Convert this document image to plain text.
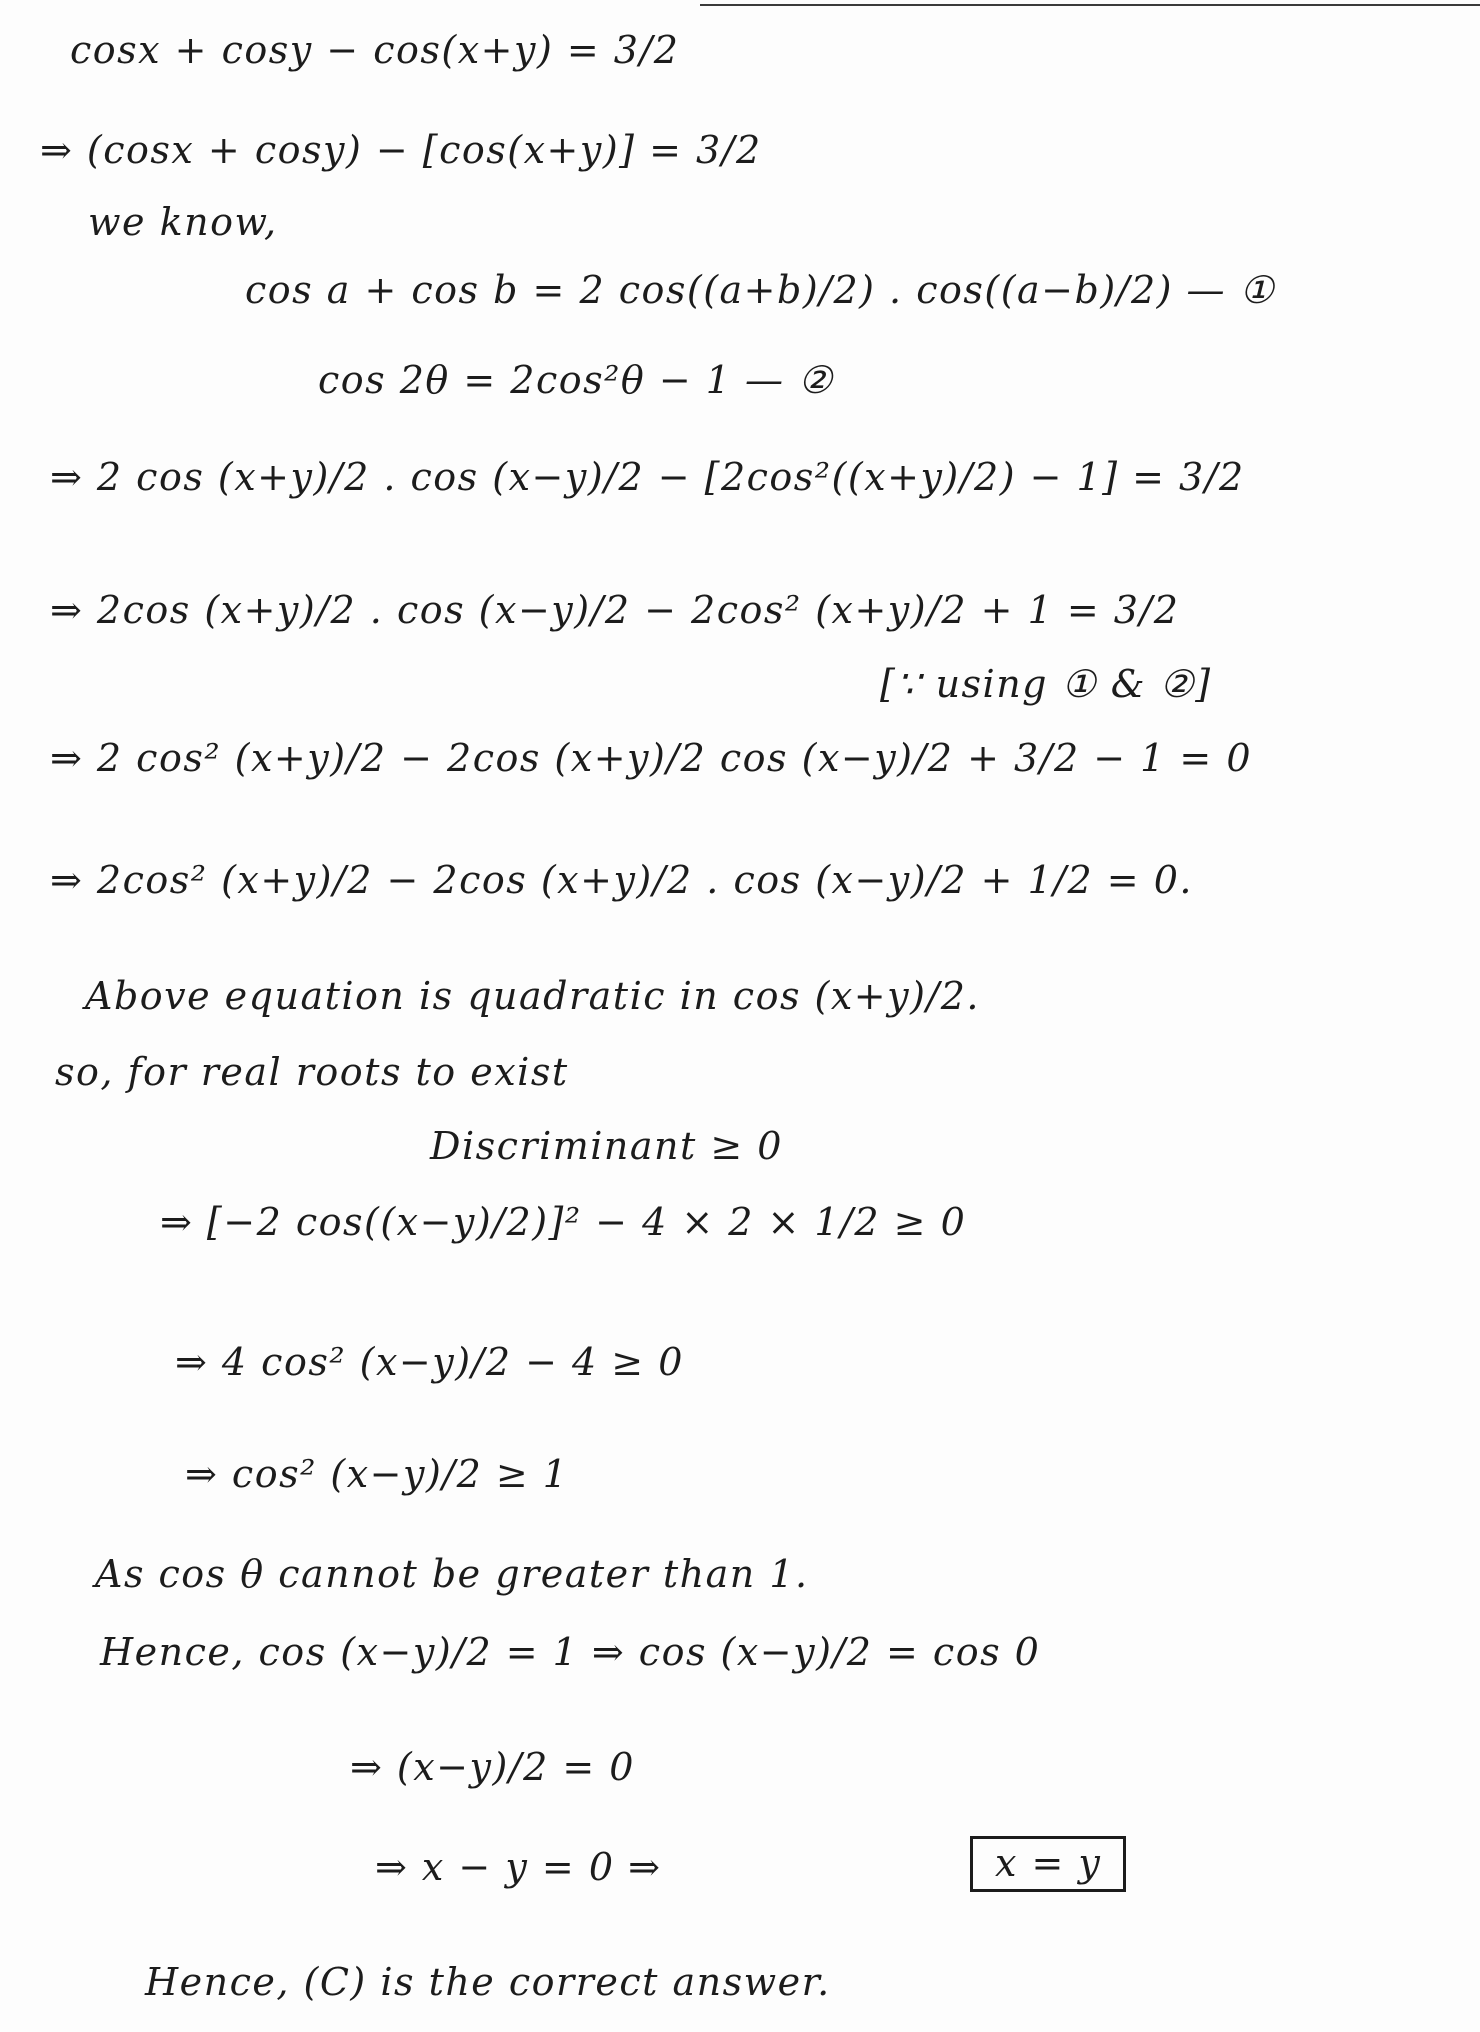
cosx + cosy − cos(x+y) = 3/2
⇒ (cosx + cosy) − [cos(x+y)] = 3/2
we know,
cos a + cos b = 2 cos((a+b)/2) . cos((a−b)/2) — ①
cos 2θ = 2cos²θ − 1 — ②
⇒ 2 cos (x+y)/2 . cos (x−y)/2 − [2cos²((x+y)/2) − 1] = 3/2
⇒ 2cos (x+y)/2 . cos (x−y)/2 − 2cos² (x+y)/2 + 1 = 3/2
[∵ using ① & ②]
⇒ 2 cos² (x+y)/2 − 2cos (x+y)/2 cos (x−y)/2 + 3/2 − 1 = 0
⇒ 2cos² (x+y)/2 − 2cos (x+y)/2 . cos (x−y)/2 + 1/2 = 0.
Above equation is quadratic in cos (x+y)/2.
so, for real roots to exist
Discriminant ≥ 0
⇒ [−2 cos((x−y)/2)]² − 4 × 2 × 1/2 ≥ 0
⇒ 4 cos² (x−y)/2 − 4 ≥ 0
⇒ cos² (x−y)/2 ≥ 1
As cos θ cannot be greater than 1.
Hence, cos (x−y)/2 = 1 ⇒ cos (x−y)/2 = cos 0
⇒ (x−y)/2 = 0
⇒ x − y = 0 ⇒	x = y
Hence, (C) is the correct answer.
